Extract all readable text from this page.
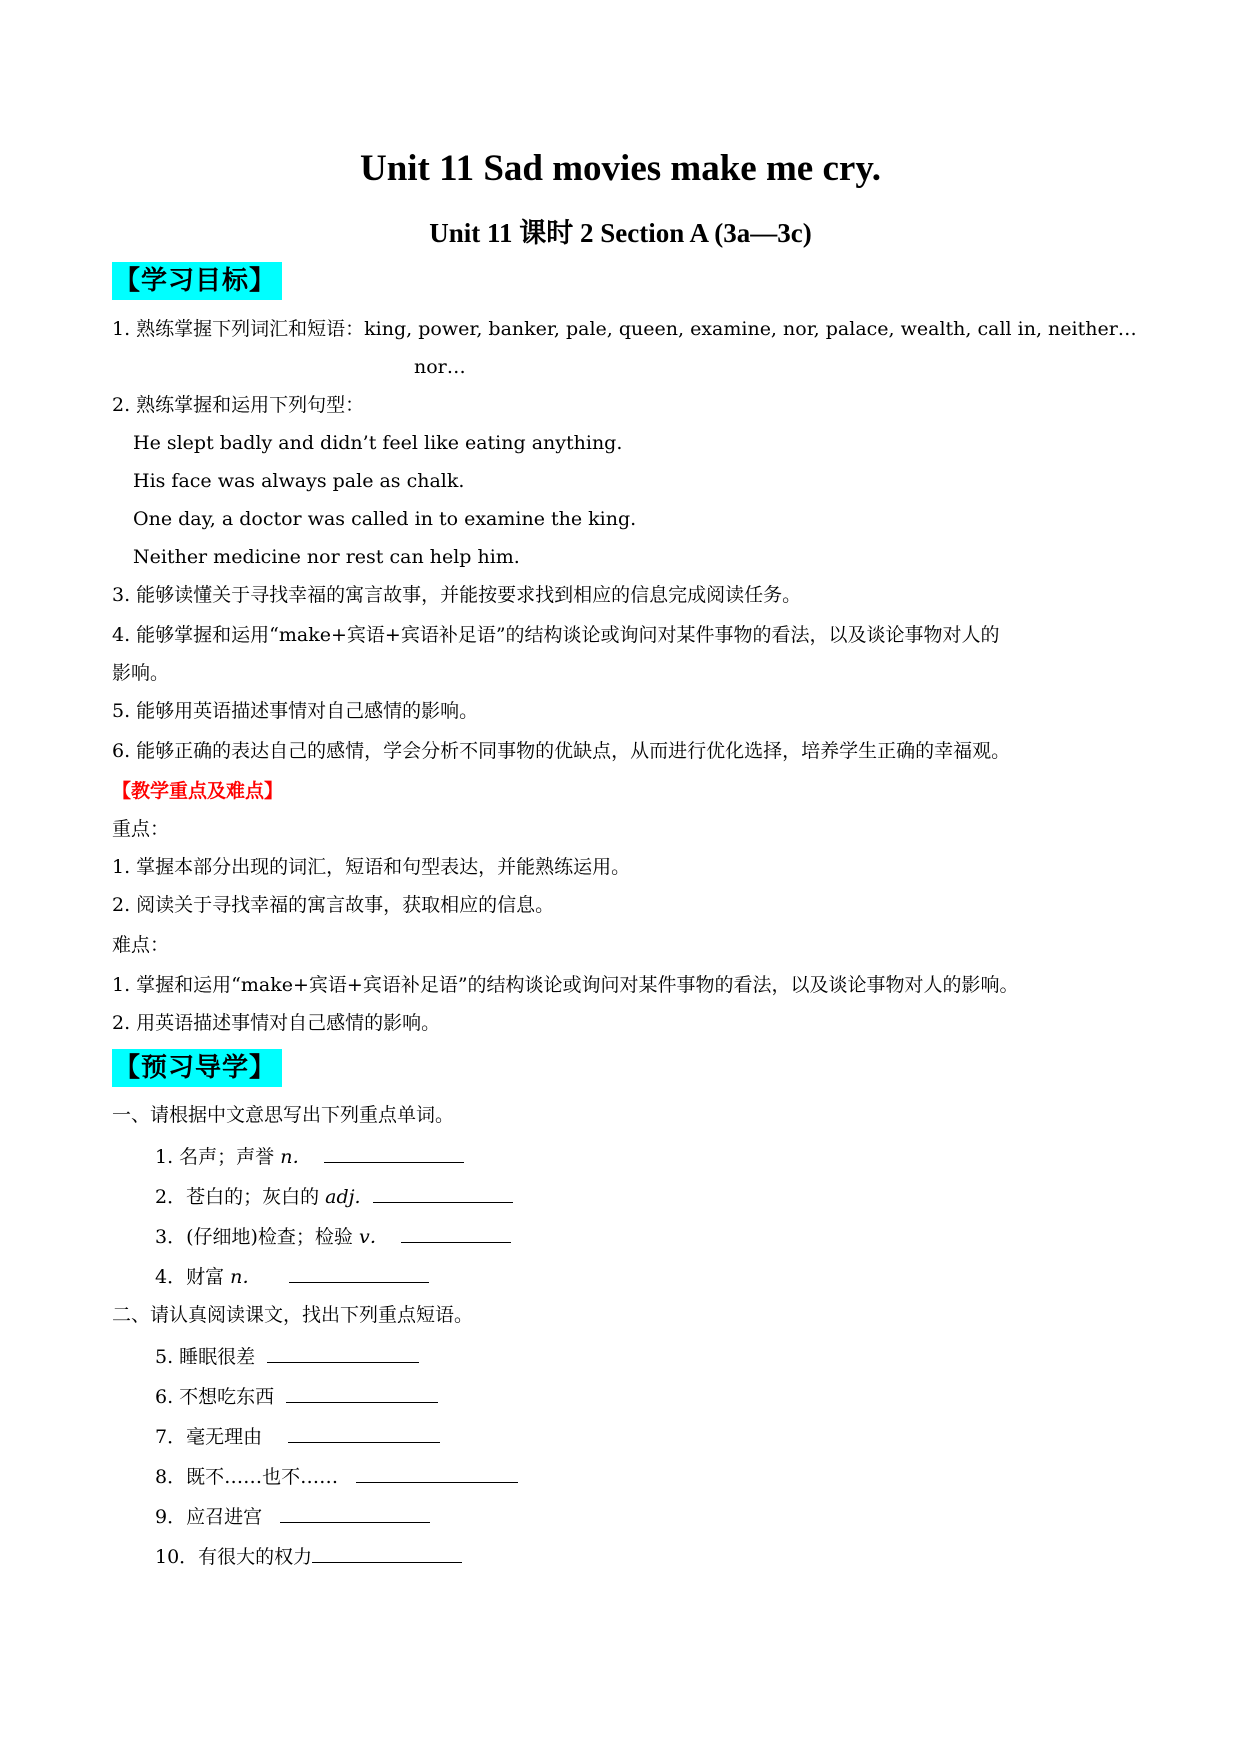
Unit 11 Sad movies make me cry.
Unit 11 课时 2 Section A (3a—3c)
【学习目标】
1. 熟练掌握下列词汇和短语：king, power, banker, pale, queen, examine, nor, palace, wealth, call in, neither…
nor…
2. 熟练掌握和运用下列句型：
He slept badly and didn’t feel like eating anything.
His face was always pale as chalk.
One day, a doctor was called in to examine the king.
Neither medicine nor rest can help him.
3. 能够读懂关于寻找幸福的寓言故事，并能按要求找到相应的信息完成阅读任务。
4. 能够掌握和运用“make+宾语+宾语补足语”的结构谈论或询问对某件事物的看法，以及谈论事物对人的
影响。
5. 能够用英语描述事情对自己感情的影响。
6. 能够正确的表达自己的感情，学会分析不同事物的优缺点，从而进行优化选择，培养学生正确的幸福观。
【教学重点及难点】
重点：
1. 掌握本部分出现的词汇，短语和句型表达，并能熟练运用。
2. 阅读关于寻找幸福的寓言故事，获取相应的信息。
难点：
1. 掌握和运用“make+宾语+宾语补足语”的结构谈论或询问对某件事物的看法，以及谈论事物对人的影响。
2. 用英语描述事情对自己感情的影响。
【预习导学】
一、请根据中文意思写出下列重点单词。
1. 名声；声誉 n．
2．苍白的；灰白的 adj.
3．(仔细地)检查；检验 v．
4．财富 n．
二、请认真阅读课文，找出下列重点短语。
5. 睡眠很差
6. 不想吃东西
7．毫无理由
8．既不……也不……
9．应召进宫
10．有很大的权力
